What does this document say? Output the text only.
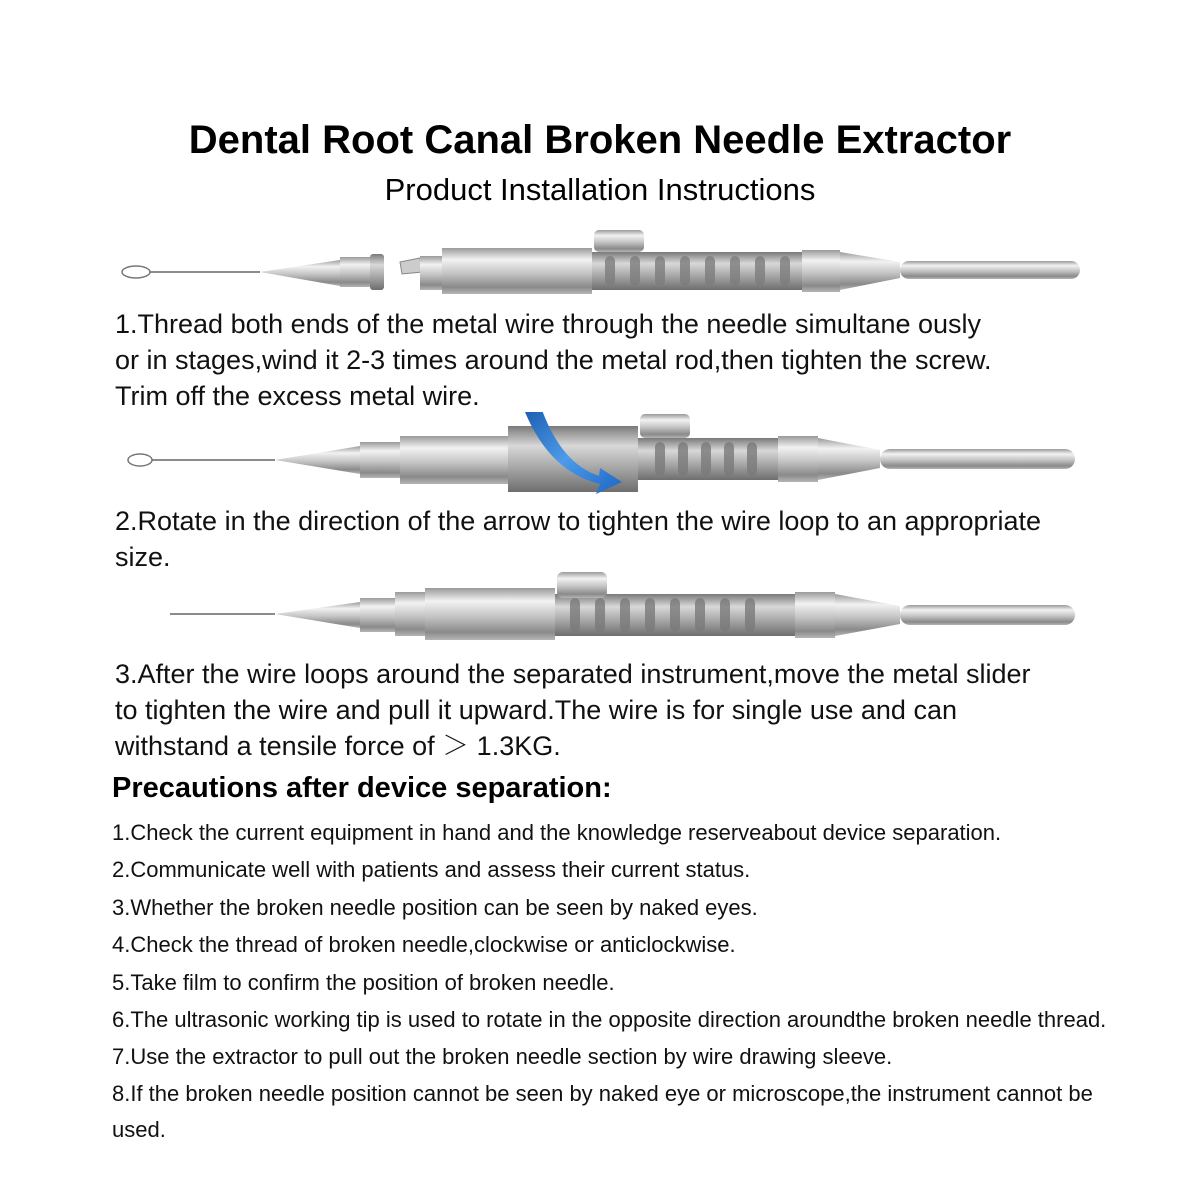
Dental Root Canal Broken Needle Extractor
Product Installation Instructions
1.Thread both ends of the metal wire through the needle simultane ously
or in stages,wind it 2-3 times around the metal rod,then tighten the screw.
Trim off the excess metal wire.
2.Rotate in the direction of the arrow to tighten the wire loop to an appropriate
size.
3.After the wire loops around the separated instrument,move the metal slider
to tighten the wire and pull it upward.The wire is for single use and can
withstand a tensile force of ＞ 1.3KG.
Precautions after device separation:
1.Check the current equipment in hand and the knowledge reserveabout device separation.
2.Communicate well with patients and assess their current status.
3.Whether the broken needle position can be seen by naked eyes.
4.Check the thread of broken needle,clockwise or anticlockwise.
5.Take film to confirm the position of broken needle.
6.The ultrasonic working tip is used to rotate in the opposite direction aroundthe broken needle thread.
7.Use the extractor to pull out the broken needle section by wire drawing sleeve.
8.If the broken needle position cannot be seen by naked eye or microscope,the instrument cannot be used.
